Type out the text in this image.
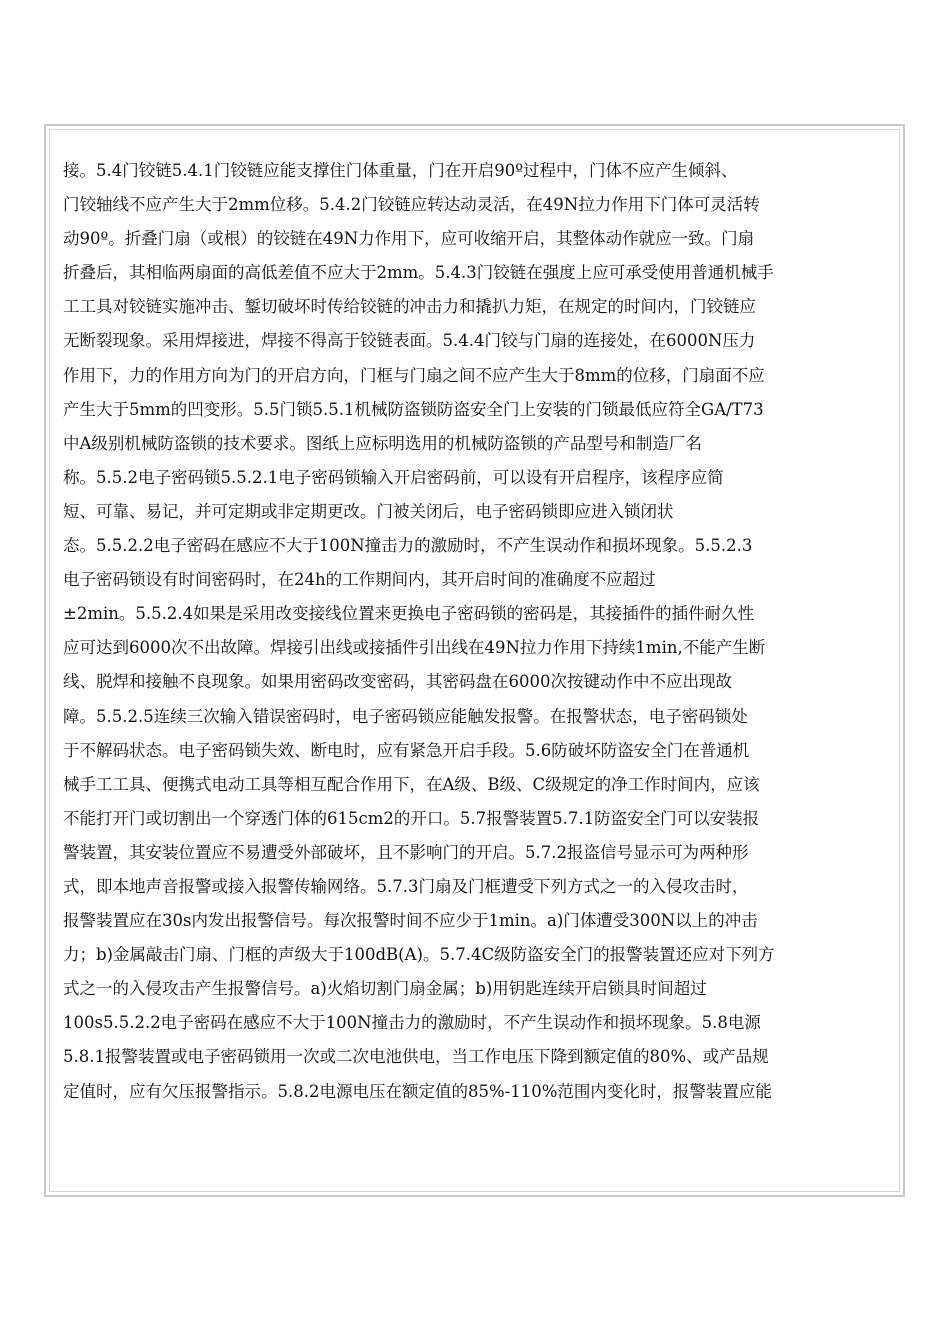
接。5.4门铰链5.4.1门铰链应能支撑住门体重量，门在开启90º过程中，门体不应产生倾斜、
门铰轴线不应产生大于2mm位移。5.4.2门铰链应转达动灵活，在49N拉力作用下门体可灵活转
动90º。折叠门扇（或根）的铰链在49N力作用下，应可收缩开启，其整体动作就应一致。门扇
折叠后，其相临两扇面的高低差值不应大于2mm。5.4.3门铰链在强度上应可承受使用普通机械手
工工具对铰链实施冲击、錾切破坏时传给铰链的冲击力和撬扒力矩，在规定的时间内，门铰链应
无断裂现象。采用焊接进，焊接不得高于铰链表面。5.4.4门铰与门扇的连接处，在6000N压力
作用下，力的作用方向为门的开启方向，门框与门扇之间不应产生大于8mm的位移，门扇面不应
产生大于5mm的凹变形。5.5门锁5.5.1机械防盗锁防盗安全门上安装的门锁最低应符全GA/T73
中A级别机械防盗锁的技术要求。图纸上应标明选用的机械防盗锁的产品型号和制造厂名
称。5.5.2电子密码锁5.5.2.1电子密码锁输入开启密码前，可以设有开启程序，该程序应简
短、可靠、易记，并可定期或非定期更改。门被关闭后，电子密码锁即应进入锁闭状
态。5.5.2.2电子密码在感应不大于100N撞击力的激励时，不产生误动作和损坏现象。5.5.2.3
电子密码锁设有时间密码时，在24h的工作期间内，其开启时间的准确度不应超过
±2min。5.5.2.4如果是采用改变接线位置来更换电子密码锁的密码是，其接插件的插件耐久性
应可达到6000次不出故障。焊接引出线或接插件引出线在49N拉力作用下持续1min,不能产生断
线、脱焊和接触不良现象。如果用密码改变密码，其密码盘在6000次按键动作中不应出现故
障。5.5.2.5连续三次输入错误密码时，电子密码锁应能触发报警。在报警状态，电子密码锁处
于不解码状态。电子密码锁失效、断电时，应有紧急开启手段。5.6防破坏防盗安全门在普通机
械手工工具、便携式电动工具等相互配合作用下，在A级、B级、C级规定的净工作时间内，应该
不能打开门或切割出一个穿透门体的615cm2的开口。5.7报警装置5.7.1防盗安全门可以安装报
警装置，其安装位置应不易遭受外部破坏，且不影响门的开启。5.7.2报盗信号显示可为两种形
式，即本地声音报警或接入报警传输网络。5.7.3门扇及门框遭受下列方式之一的入侵攻击时，
报警装置应在30s内发出报警信号。每次报警时间不应少于1min。a)门体遭受300N以上的冲击
力；b)金属敲击门扇、门框的声级大于100dB(A)。5.7.4C级防盗安全门的报警装置还应对下列方
式之一的入侵攻击产生报警信号。a)火焰切割门扇金属；b)用钥匙连续开启锁具时间超过
100s5.5.2.2电子密码在感应不大于100N撞击力的激励时，不产生误动作和损坏现象。5.8电源
5.8.1报警装置或电子密码锁用一次或二次电池供电，当工作电压下降到额定值的80%、或产品规
定值时，应有欠压报警指示。5.8.2电源电压在额定值的85%-110%范围内变化时，报警装置应能
